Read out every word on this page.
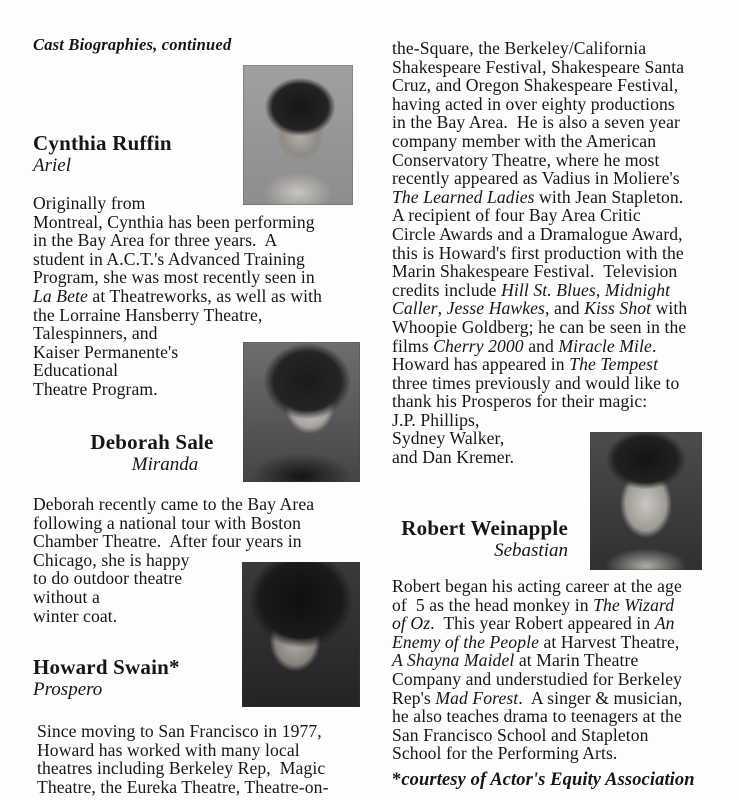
Cast Biographies, continued
Cynthia Ruffin
Ariel
Originally from
Montreal, Cynthia has been performing
in the Bay Area for three years.  A
student in A.C.T.'s Advanced Training
Program, she was most recently seen in
La Bete at Theatreworks, as well as with
the Lorraine Hansberry Theatre,
Talespinners, and
Kaiser Permanente's
Educational
Theatre Program.
Deborah Sale
Miranda
Deborah recently came to the Bay Area
following a national tour with Boston
Chamber Theatre.  After four years in
Chicago, she is happy
to do outdoor theatre
without a
winter coat.
Howard Swain*
Prospero
Since moving to San Francisco in 1977,
Howard has worked with many local
theatres including Berkeley Rep,  Magic
Theatre, the Eureka Theatre, Theatre-on-
the-Square, the Berkeley/California
Shakespeare Festival, Shakespeare Santa
Cruz, and Oregon Shakespeare Festival,
having acted in over eighty productions
in the Bay Area.  He is also a seven year
company member with the American
Conservatory Theatre, where he most
recently appeared as Vadius in Moliere's
The Learned Ladies with Jean Stapleton.
A recipient of four Bay Area Critic
Circle Awards and a Dramalogue Award,
this is Howard's first production with the
Marin Shakespeare Festival.  Television
credits include Hill St. Blues, Midnight
Caller, Jesse Hawkes, and Kiss Shot with
Whoopie Goldberg; he can be seen in the
films Cherry 2000 and Miracle Mile.
Howard has appeared in The Tempest
three times previously and would like to
thank his Prosperos for their magic:
J.P. Phillips,
Sydney Walker,
and Dan Kremer.
Robert Weinapple
Sebastian
Robert began his acting career at the age
of  5 as the head monkey in The Wizard
of Oz.  This year Robert appeared in An
Enemy of the People at Harvest Theatre,
A Shayna Maidel at Marin Theatre
Company and understudied for Berkeley
Rep's Mad Forest.  A singer & musician,
he also teaches drama to teenagers at the
San Francisco School and Stapleton
School for the Performing Arts.
*courtesy of Actor's Equity Association
